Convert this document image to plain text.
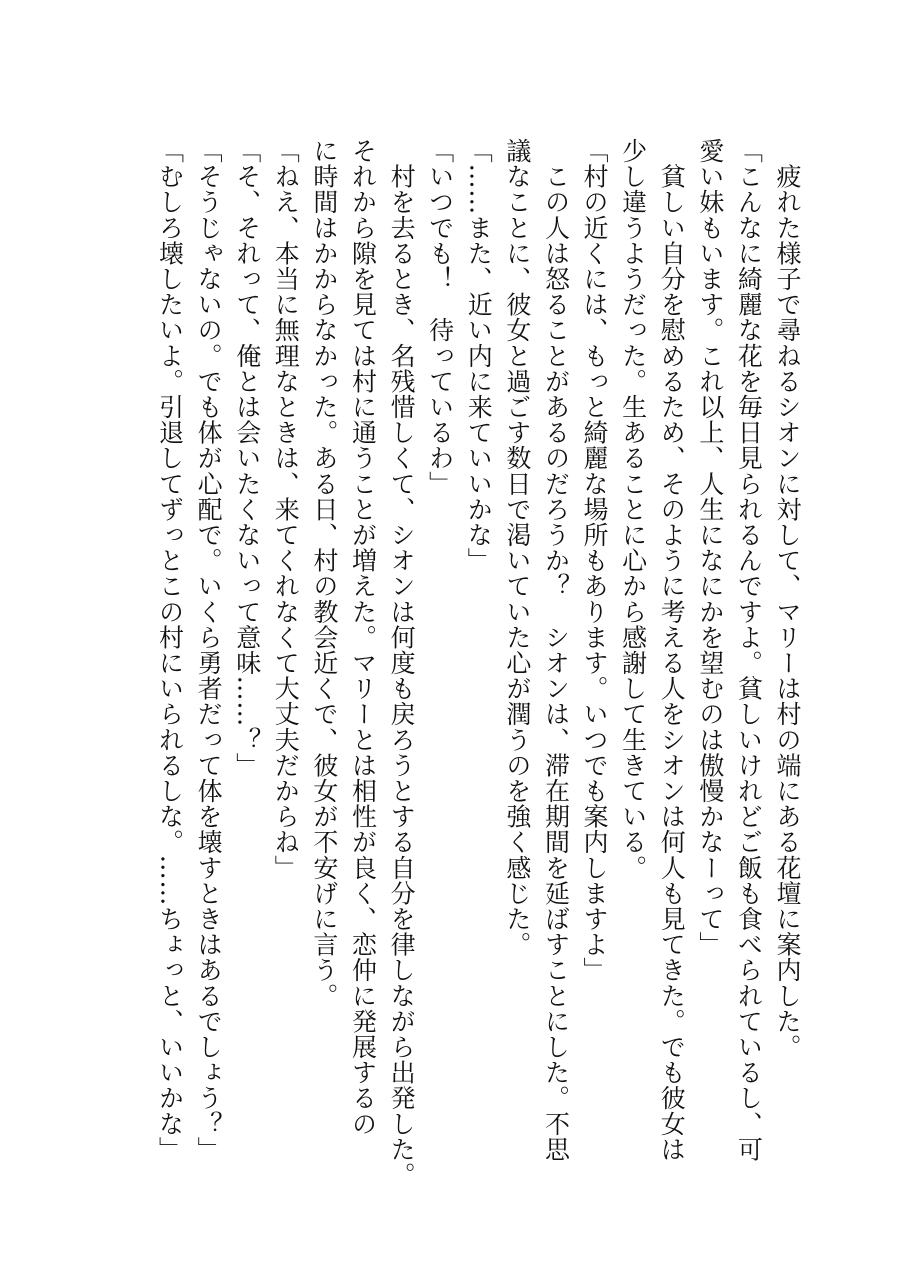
　疲れた様子で尋ねるシオンに対して、マリーは村の端にある花壇に案内した。
「こんなに綺麗な花を毎日見られるんですよ。貧しいけれどご飯も食べられているし、可
愛い妹もいます。これ以上、人生になにかを望むのは傲慢かなーって」
　貧しい自分を慰めるため、そのように考える人をシオンは何人も見てきた。でも彼女は
少し違うようだった。生あることに心から感謝して生きている。
「村の近くには、もっと綺麗な場所もあります。いつでも案内しますよ」
　この人は怒ることがあるのだろうか？　シオンは、滞在期間を延ばすことにした。不思
議なことに、彼女と過ごす数日で渇いていた心が潤うのを強く感じた。
「……また、近い内に来ていいかな」
「いつでも！　待っているわ」
　村を去るとき、名残惜しくて、シオンは何度も戻ろうとする自分を律しながら出発した。
それから隙を見ては村に通うことが増えた。マリーとは相性が良く、恋仲に発展するの
に時間はかからなかった。ある日、村の教会近くで、彼女が不安げに言う。
「ねえ、本当に無理なときは、来てくれなくて大丈夫だからね」
「そ、それって、俺とは会いたくないって意味……？」
「そうじゃないの。でも体が心配で。いくら勇者だって体を壊すときはあるでしょう？」
「むしろ壊したいよ。引退してずっとこの村にいられるしな。……ちょっと、いいかな」
